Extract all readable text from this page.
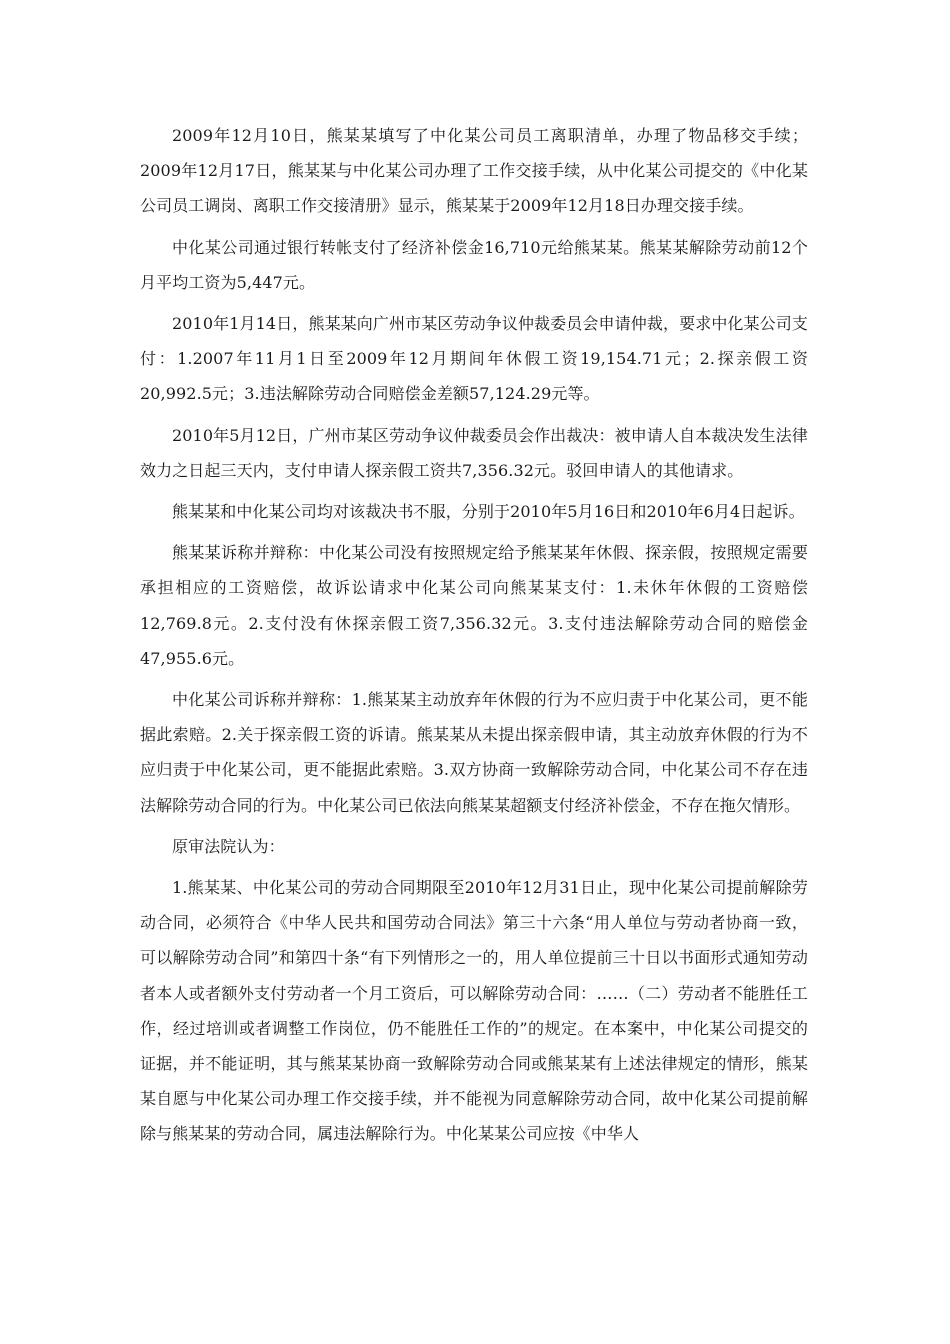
2009年12月10日，熊某某填写了中化某公司员工离职清单，办理了物品移交手续；2009年12月17日，熊某某与中化某公司办理了工作交接手续，从中化某公司提交的《中化某公司员工调岗、离职工作交接清册》显示，熊某某于2009年12月18日办理交接手续。

中化某公司通过银行转帐支付了经济补偿金16,710元给熊某某。熊某某解除劳动前12个月平均工资为5,447元。

2010年1月14日，熊某某向广州市某区劳动争议仲裁委员会申请仲裁，要求中化某公司支付：1.2007年11月1日至2009年12月期间年休假工资19,154.71元；2.探亲假工资20,992.5元；3.违法解除劳动合同赔偿金差额57,124.29元等。

2010年5月12日，广州市某区劳动争议仲裁委员会作出裁决：被申请人自本裁决发生法律效力之日起三天内，支付申请人探亲假工资共7,356.32元。驳回申请人的其他请求。

熊某某和中化某公司均对该裁决书不服，分别于2010年5月16日和2010年6月4日起诉。

熊某某诉称并辩称：中化某公司没有按照规定给予熊某某年休假、探亲假，按照规定需要承担相应的工资赔偿，故诉讼请求中化某公司向熊某某支付：1.未休年休假的工资赔偿12,769.8元。2.支付没有休探亲假工资7,356.32元。3.支付违法解除劳动合同的赔偿金47,955.6元。

中化某公司诉称并辩称：1.熊某某主动放弃年休假的行为不应归责于中化某公司，更不能据此索赔。2.关于探亲假工资的诉请。熊某某从未提出探亲假申请，其主动放弃休假的行为不应归责于中化某公司，更不能据此索赔。3.双方协商一致解除劳动合同，中化某公司不存在违法解除劳动合同的行为。中化某公司已依法向熊某某超额支付经济补偿金，不存在拖欠情形。

原审法院认为：

1.熊某某、中化某公司的劳动合同期限至2010年12月31日止，现中化某公司提前解除劳动合同，必须符合《中华人民共和国劳动合同法》第三十六条“用人单位与劳动者协商一致，可以解除劳动合同”和第四十条“有下列情形之一的，用人单位提前三十日以书面形式通知劳动者本人或者额外支付劳动者一个月工资后，可以解除劳动合同：……（二）劳动者不能胜任工作，经过培训或者调整工作岗位，仍不能胜任工作的”的规定。在本案中，中化某公司提交的证据，并不能证明，其与熊某某协商一致解除劳动合同或熊某某有上述法律规定的情形，熊某某自愿与中化某公司办理工作交接手续，并不能视为同意解除劳动合同，故中化某公司提前解除与熊某某的劳动合同，属违法解除行为。中化某某公司应按《中华人
